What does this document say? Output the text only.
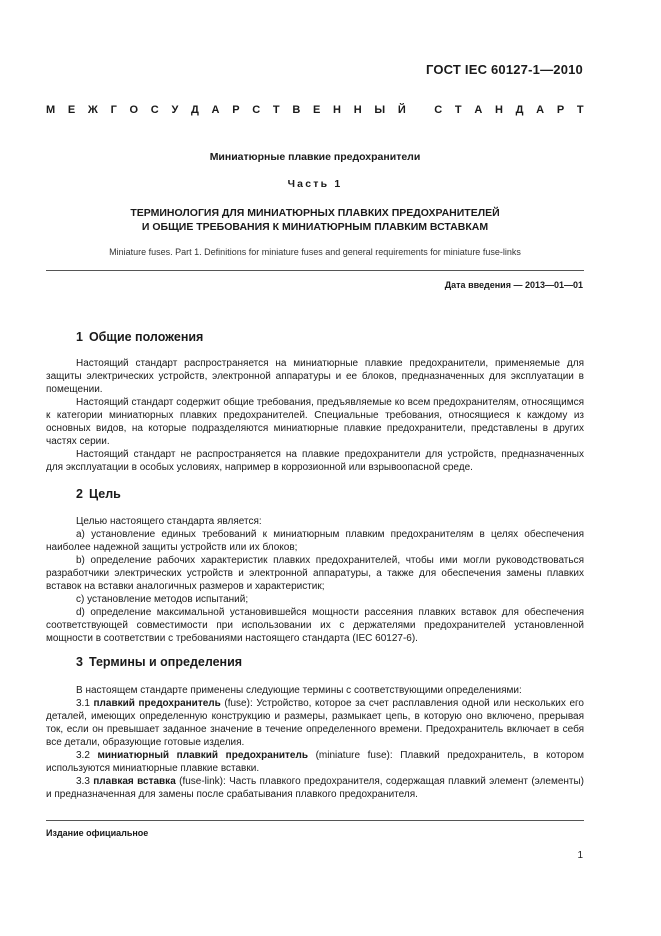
ГОСТ IEC 60127-1—2010
М Е Ж Г О С У Д А Р С Т В Е Н Н Ы Й
	С Т А Н Д А Р Т
Миниатюрные плавкие предохранители
Часть 1
ТЕРМИНОЛОГИЯ ДЛЯ МИНИАТЮРНЫХ ПЛАВКИХ ПРЕДОХРАНИТЕЛЕЙ
И ОБЩИЕ ТРЕБОВАНИЯ К МИНИАТЮРНЫМ ПЛАВКИМ ВСТАВКАМ
Miniature fuses. Part 1. Definitions for miniature fuses and general requirements for miniature fuse-links
Дата введения — 2013—01—01
1 Общие положения

Настоящий стандарт распространяется на миниатюрные плавкие предохранители, применяемые для защиты электрических устройств, электронной аппаратуры и ее блоков, предназначенных для эксплуатации в помещении.

Настоящий стандарт содержит общие требования, предъявляемые ко всем предохранителям, относящимся к категории миниатюрных плавких предохранителей. Специальные требования, относящиеся к каждому из основных видов, на которые подразделяются миниатюрные плавкие предохранители, представлены в других частях серии.

Настоящий стандарт не распространяется на плавкие предохранители для устройств, предназначенных для эксплуатации в особых условиях, например в коррозионной или взрывоопасной среде.

2 Цель

Целью настоящего стандарта является:

а) установление единых требований к миниатюрным плавким предохранителям в целях обеспечения наиболее надежной защиты устройств или их блоков;

b) определение рабочих характеристик плавких предохранителей, чтобы ими могли руководствоваться разработчики электрических устройств и электронной аппаратуры, а также для обеспечения замены плавких вставок на вставки аналогичных размеров и характеристик;

c) установление методов испытаний;

d) определение максимальной установившейся мощности рассеяния плавких вставок для обеспечения соответствующей совместимости при использовании их с держателями предохранителей установленной мощности в соответствии с требованиями настоящего стандарта (IEC 60127-6).

3 Термины и определения

В настоящем стандарте применены следующие термины с соответствующими определениями:

3.1 плавкий предохранитель (fuse): Устройство, которое за счет расплавления одной или нескольких его деталей, имеющих определенную конструкцию и размеры, размыкает цепь, в которую оно включено, прерывая ток, если он превышает заданное значение в течение определенного времени. Предохранитель включает в себя все детали, образующие готовые изделия.

3.2 миниатюрный плавкий предохранитель (miniature fuse): Плавкий предохранитель, в котором используются миниатюрные плавкие вставки.

3.3 плавкая вставка (fuse-link): Часть плавкого предохранителя, содержащая плавкий элемент (элементы) и предназначенная для замены после срабатывания плавкого предохранителя.

Издание официальное
1
